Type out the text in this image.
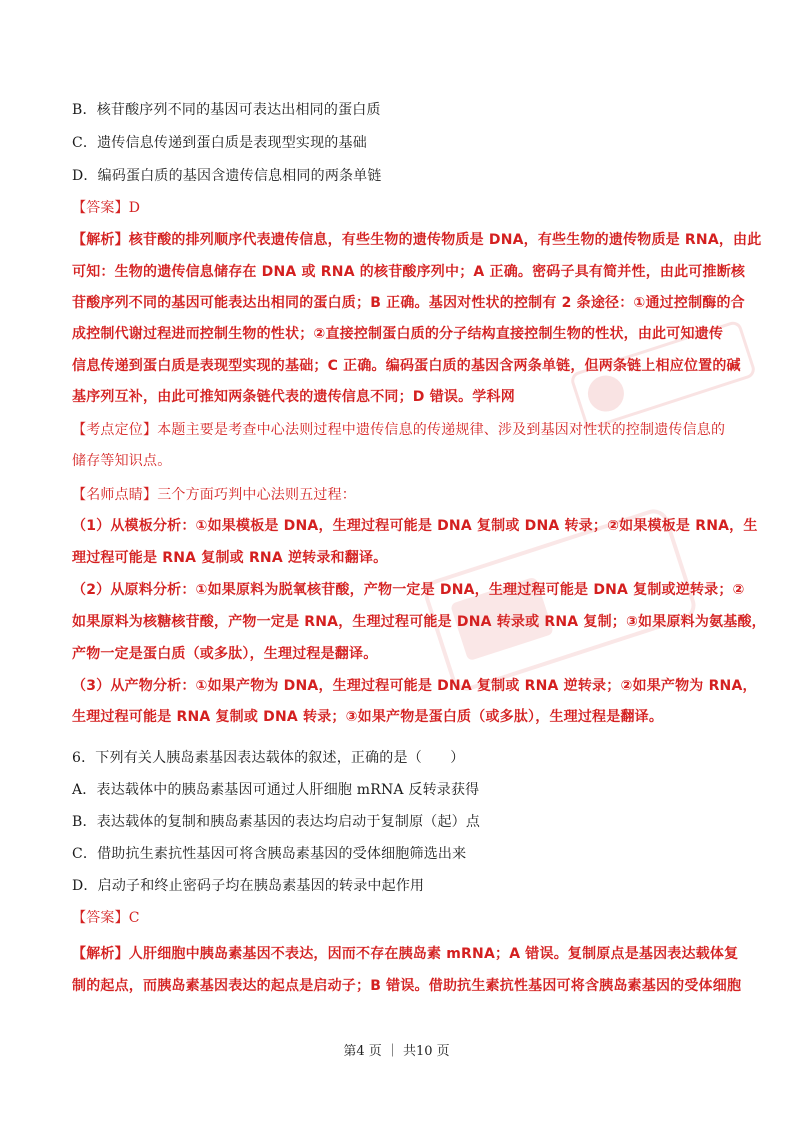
B．核苷酸序列不同的基因可表达出相同的蛋白质
C．遗传信息传递到蛋白质是表现型实现的基础
D．编码蛋白质的基因含遗传信息相同的两条单链
【答案】D
【解析】核苷酸的排列顺序代表遗传信息，有些生物的遗传物质是 DNA，有些生物的遗传物质是 RNA，由此
可知：生物的遗传信息储存在 DNA 或 RNA 的核苷酸序列中；A 正确。密码子具有简并性，由此可推断核
苷酸序列不同的基因可能表达出相同的蛋白质；B 正确。基因对性状的控制有 2 条途径：①通过控制酶的合
成控制代谢过程进而控制生物的性状；②直接控制蛋白质的分子结构直接控制生物的性状，由此可知遗传
信息传递到蛋白质是表现型实现的基础；C 正确。编码蛋白质的基因含两条单链，但两条链上相应位置的碱
基序列互补，由此可推知两条链代表的遗传信息不同；D 错误。学科网
【考点定位】本题主要是考查中心法则过程中遗传信息的传递规律、涉及到基因对性状的控制遗传信息的
储存等知识点。
【名师点睛】三个方面巧判中心法则五过程：
（1）从模板分析：①如果模板是 DNA，生理过程可能是 DNA 复制或 DNA 转录；②如果模板是 RNA，生
理过程可能是 RNA 复制或 RNA 逆转录和翻译。
（2）从原料分析：①如果原料为脱氧核苷酸，产物一定是 DNA，生理过程可能是 DNA 复制或逆转录；②
如果原料为核糖核苷酸，产物一定是 RNA，生理过程可能是 DNA 转录或 RNA 复制；③如果原料为氨基酸，
产物一定是蛋白质（或多肽），生理过程是翻译。
（3）从产物分析：①如果产物为 DNA，生理过程可能是 DNA 复制或 RNA 逆转录；②如果产物为 RNA，
生理过程可能是 RNA 复制或 DNA 转录；③如果产物是蛋白质（或多肽），生理过程是翻译。
6．下列有关人胰岛素基因表达载体的叙述，正确的是（　　）
A．表达载体中的胰岛素基因可通过人肝细胞 mRNA 反转录获得
B．表达载体的复制和胰岛素基因的表达均启动于复制原（起）点
C．借助抗生素抗性基因可将含胰岛素基因的受体细胞筛选出来
D．启动子和终止密码子均在胰岛素基因的转录中起作用
【答案】C
【解析】人肝细胞中胰岛素基因不表达，因而不存在胰岛素 mRNA；A 错误。复制原点是基因表达载体复
制的起点，而胰岛素基因表达的起点是启动子；B 错误。借助抗生素抗性基因可将含胰岛素基因的受体细胞
第4 页 ｜ 共10 页
